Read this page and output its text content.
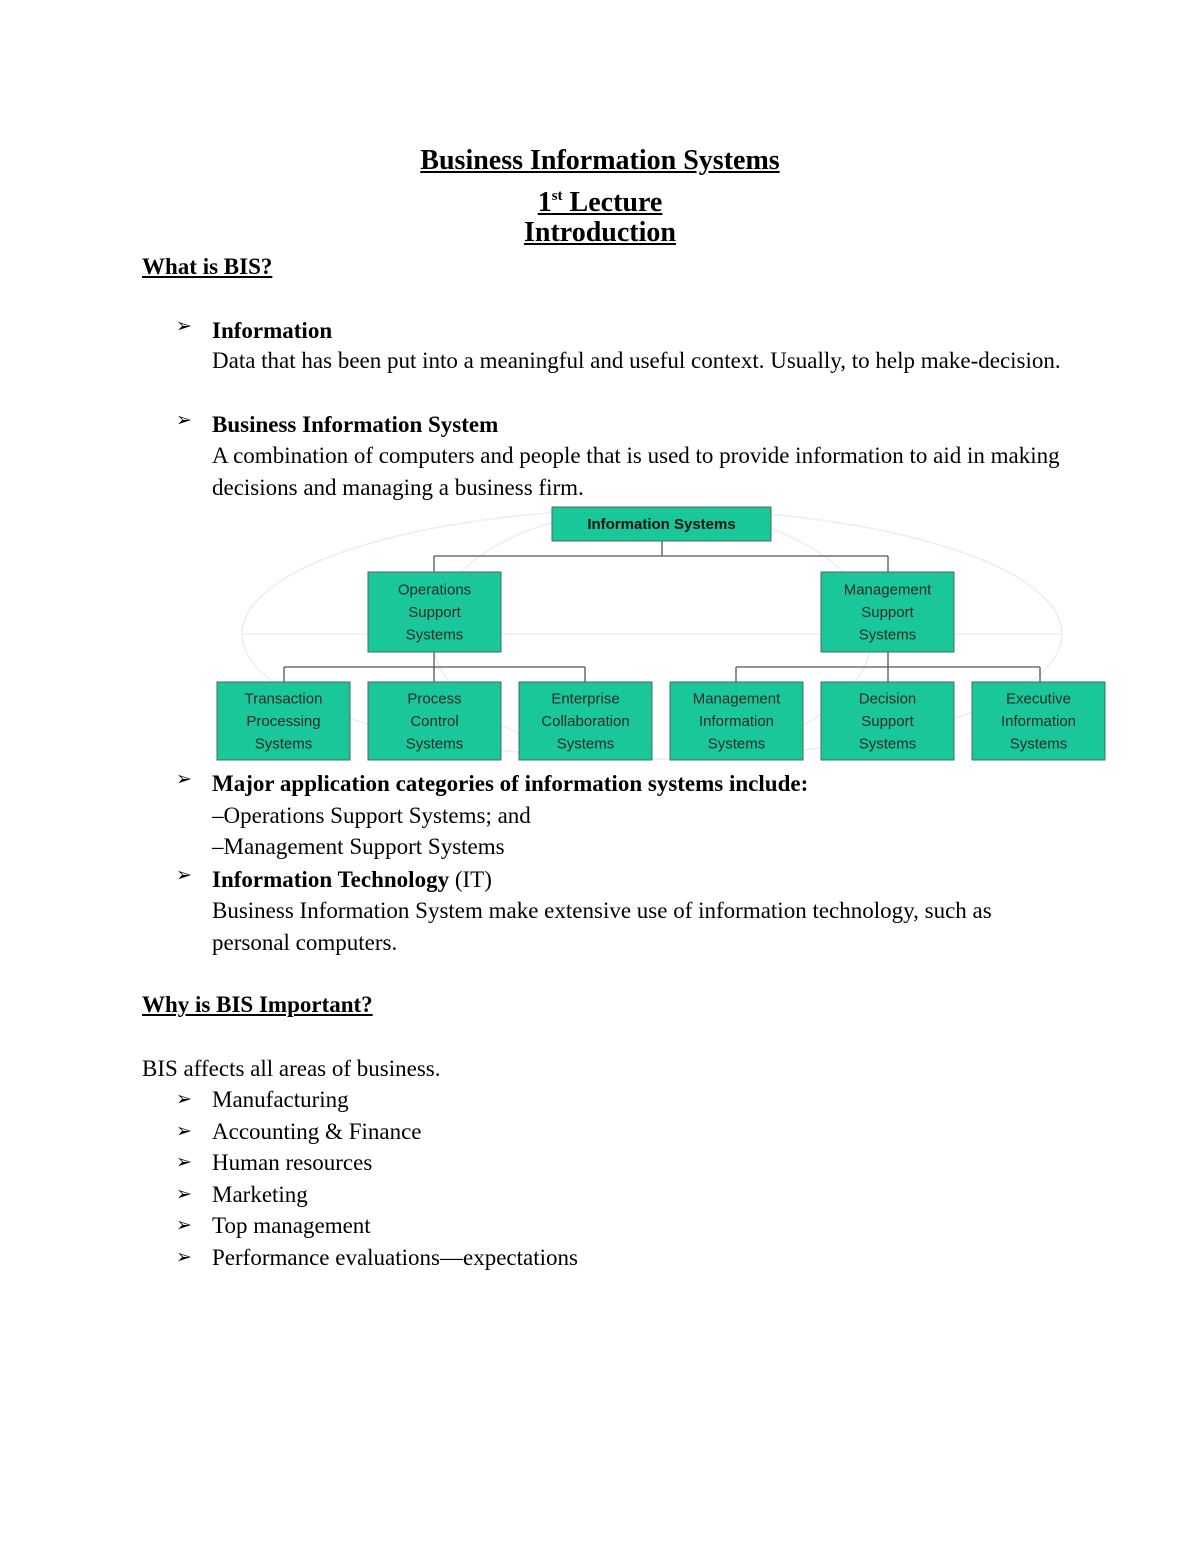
Business Information Systems
1st Lecture
Introduction
What is BIS?
➢ Information
Data that has been put into a meaningful and useful context. Usually, to help make-decision.
➢ Business Information System
A combination of computers and people that is used to provide information to aid in making decisions and managing a business firm.
Information Systems
Operations
Support
Systems
Management
Support
Systems
Transaction
Processing
Systems
Process
Control
Systems
Enterprise
Collaboration
Systems
Management
Information
Systems
Decision
Support
Systems
Executive
Information
Systems
➢ Major application categories of information systems include:
–Operations Support Systems; and
–Management Support Systems
➢ Information Technology (IT)
Business Information System make extensive use of information technology, such as personal computers.
Why is BIS Important?
BIS affects all areas of business.
➢ Manufacturing
➢ Accounting & Finance
➢ Human resources
➢ Marketing
➢ Top management
➢ Performance evaluations—expectations
